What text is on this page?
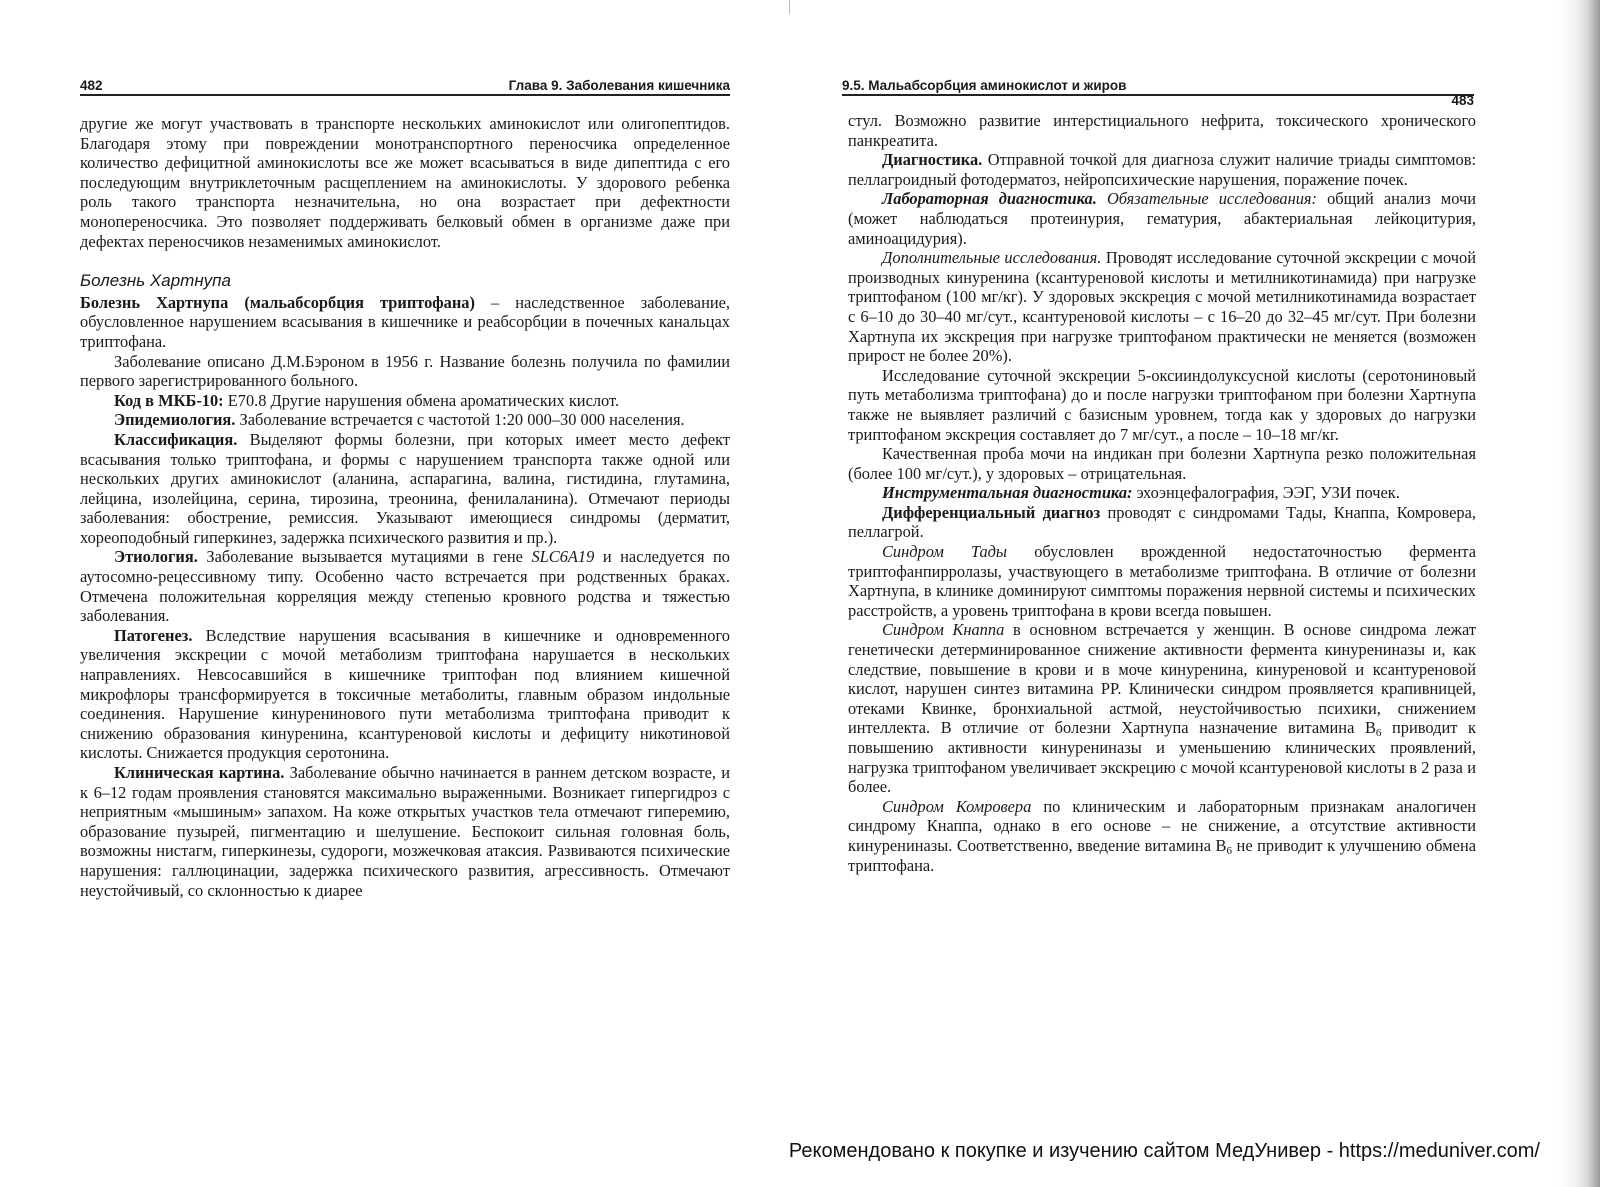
482	Глава 9. Заболевания кишечника

другие же могут участвовать в транспорте нескольких аминокислот или олигопептидов. Благодаря этому при повреждении монотранспортного переносчика определенное количество дефицитной аминокислоты все же может всасываться в виде дипептида с его последующим внутриклеточным расщеплением на аминокислоты. У здорового ребенка роль такого транспорта незначительна, но она возрастает при дефектности моноперeносчика. Это позволяет поддерживать белковый обмен в организме даже при дефектах переносчиков незаменимых аминокислот.

Болезнь Хартнупа

Болезнь Хартнупа (мальабсорбция триптофана) – наследственное заболевание, обусловленное нарушением всасывания в кишечнике и реабсорбции в почечных канальцах триптофана.

Заболевание описано Д.М.Бэроном в 1956 г. Название болезнь получила по фамилии первого зарегистрированного больного.

Код в МКБ-10: Е70.8 Другие нарушения обмена ароматических кислот.

Эпидемиология. Заболевание встречается с частотой 1:20 000–30 000 населения.

Классификация. Выделяют формы болезни, при которых имеет место дефект всасывания только триптофана, и формы с нарушением транспорта также одной или нескольких других аминокислот (аланина, аспарагина, валина, гистидина, глутамина, лейцина, изолейцина, серина, тирозина, треонина, фенилаланина). Отмечают периоды заболевания: обострение, ремиссия. Указывают имеющиеся синдромы (дерматит, хореоподобный гиперкинез, задержка психического развития и пр.).

Этиология. Заболевание вызывается мутациями в гене SLC6A19 и наследуется по аутосомно-рецессивному типу. Особенно часто встречается при родственных браках. Отмечена положительная корреляция между степенью кровного родства и тяжестью заболевания.

Патогенез. Вследствие нарушения всасывания в кишечнике и одновременного увеличения экскреции с мочой метаболизм триптофана нарушается в нескольких направлениях. Невсосавшийся в кишечнике триптофан под влиянием кишечной микрофлоры трансформируется в токсичные метаболиты, главным образом индольные соединения. Нарушение кинуренинового пути метаболизма триптофана приводит к снижению образования кинуренина, ксантуреновой кислоты и дефициту никотиновой кислоты. Снижается продукция серотонина.

Клиническая картина. Заболевание обычно начинается в раннем детском возрасте, и к 6–12 годам проявления становятся максимально выраженными. Возникает гипергидроз с неприятным «мышиным» запахом. На коже открытых участков тела отмечают гиперемию, образование пузырей, пигментацию и шелушение. Беспокоит сильная головная боль, возможны нистагм, гиперкинезы, судороги, мозжечковая атаксия. Развиваются психические нарушения: галлюцинации, задержка психического развития, агрессивность. Отмечают неустойчивый, со склонностью к диарее

9.5. Мальабсорбция аминокислот и жиров
483

стул. Возможно развитие интерстициального нефрита, токсического хронического панкреатита.

Диагностика. Отправной точкой для диагноза служит наличие триады симптомов: пеллагроидный фотодерматоз, нейропсихические нарушения, поражение почек.

Лабораторная диагностика. Обязательные исследования: общий анализ мочи (может наблюдаться протеинурия, гематурия, абактериальная лейкоцитурия, аминоацидурия).

Дополнительные исследования. Проводят исследование суточной экскреции с мочой производных кинуренина (ксантуреновой кислоты и метилникотинамида) при нагрузке триптофаном (100 мг/кг). У здоровых экскреция с мочой метилникотинамида возрастает с 6–10 до 30–40 мг/сут., ксантуреновой кислоты – с 16–20 до 32–45 мг/сут. При болезни Хартнупа их экскреция при нагрузке триптофаном практически не меняется (возможен прирост не более 20%).

Исследование суточной экскреции 5-оксииндолуксусной кислоты (серотониновый путь метаболизма триптофана) до и после нагрузки триптофаном при болезни Хартнупа также не выявляет различий с базисным уровнем, тогда как у здоровых до нагрузки триптофаном экскреция составляет до 7 мг/сут., а после – 10–18 мг/кг.

Качественная проба мочи на индикан при болезни Хартнупа резко положительная (более 100 мг/сут.), у здоровых – отрицательная.

Инструментальная диагностика: эхоэнцефалография, ЭЭГ, УЗИ почек.

Дифференциальный диагноз проводят с синдромами Тады, Кнаппа, Комровера, пеллагрой.

Синдром Тады обусловлен врожденной недостаточностью фермента триптофанпирролазы, участвующего в метаболизме триптофана. В отличие от болезни Хартнупа, в клинике доминируют симптомы поражения нервной системы и психических расстройств, а уровень триптофана в крови всегда повышен.

Синдром Кнаппа в основном встречается у женщин. В основе синдрома лежат генетически детерминированное снижение активности фермента кинурениназы и, как следствие, повышение в крови и в моче кинуренина, кинуреновой и ксантуреновой кислот, нарушен синтез витамина PP. Клинически синдром проявляется крапивницей, отеками Квинке, бронхиальной астмой, неустойчивостью психики, снижением интеллекта. В отличие от болезни Хартнупа назначение витамина $B_6$ приводит к повышению активности кинурениназы и уменьшению клинических проявлений, нагрузка триптофаном увеличивает экскрецию с мочой ксантуреновой кислоты в 2 раза и более.

Синдром Комровера по клиническим и лабораторным признакам аналогичен синдрому Кнаппа, однако в его основе – не снижение, а отсутствие активности кинурениназы. Соответственно, введение витамина $B_6$ не приводит к улучшению обмена триптофана.

Рекомендовано к покупке и изучению сайтом МедУнивер - https://meduniver.com/
